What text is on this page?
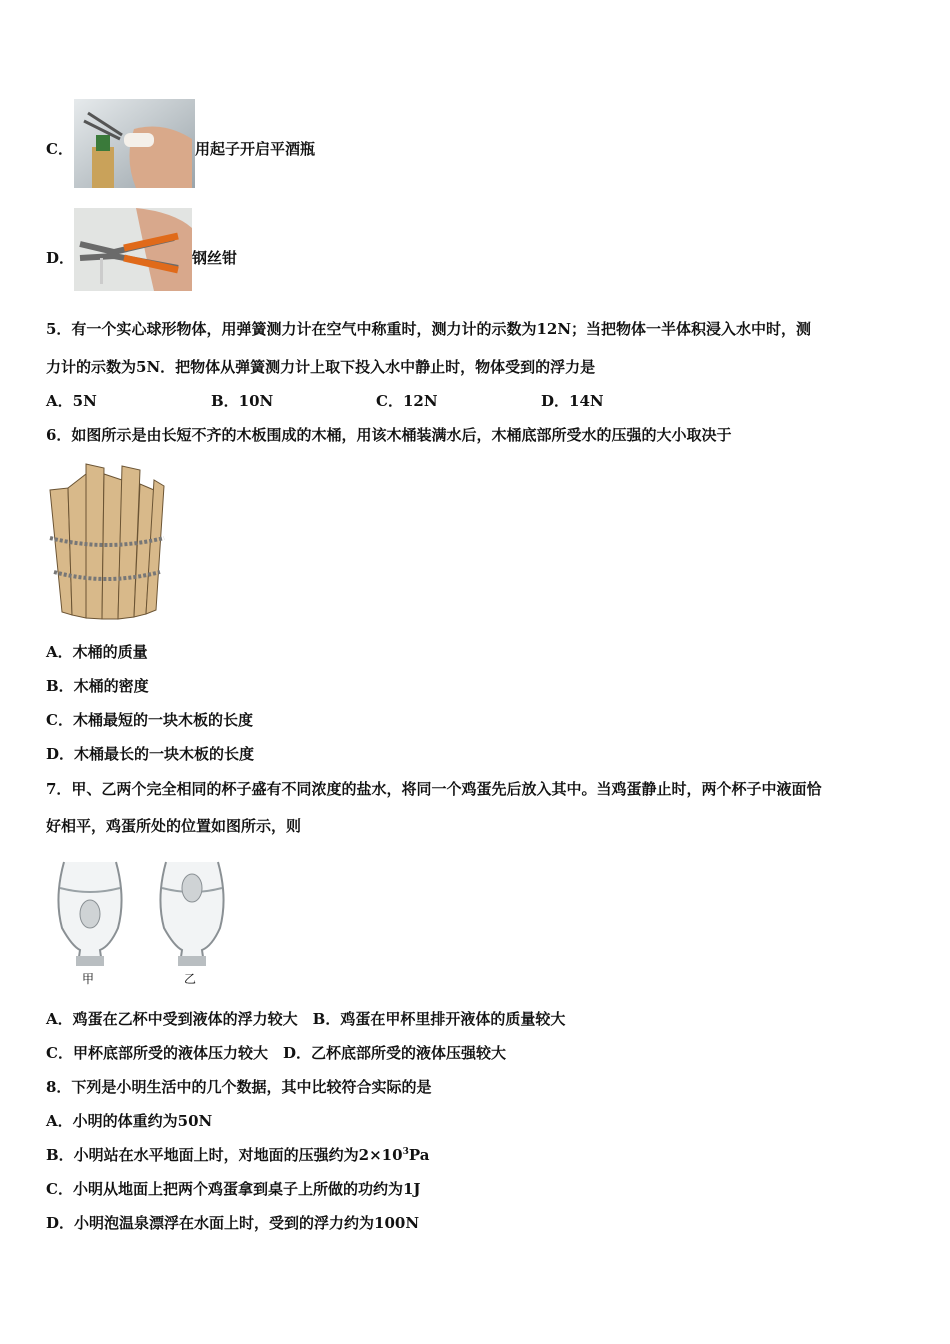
C．	用起子开启平酒瓶
D．	钢丝钳
5．有一个实心球形物体，用弹簧测力计在空气中称重时，测力计的示数为12N；当把物体一半体积浸入水中时，测
力计的示数为5N．把物体从弹簧测力计上取下投入水中静止时，物体受到的浮力是
A．5N	B．10N	C．12N	D．14N
6．如图所示是由长短不齐的木板围成的木桶，用该木桶装满水后，木桶底部所受水的压强的大小取决于
A．木桶的质量
B．木桶的密度
C．木桶最短的一块木板的长度
D．木桶最长的一块木板的长度
7．甲、乙两个完全相同的杯子盛有不同浓度的盐水，将同一个鸡蛋先后放入其中。当鸡蛋静止时，两个杯子中液面恰
好相平，鸡蛋所处的位置如图所示，则
甲	乙
A．鸡蛋在乙杯中受到液体的浮力较大　B．鸡蛋在甲杯里排开液体的质量较大
C．甲杯底部所受的液体压力较大　D．乙杯底部所受的液体压强较大
8．下列是小明生活中的几个数据，其中比较符合实际的是
A．小明的体重约为50N
B．小明站在水平地面上时，对地面的压强约为$2\times 10^3Pa$
C．小明从地面上把两个鸡蛋拿到桌子上所做的功约为1J
D．小明泡温泉漂浮在水面上时，受到的浮力约为100N
